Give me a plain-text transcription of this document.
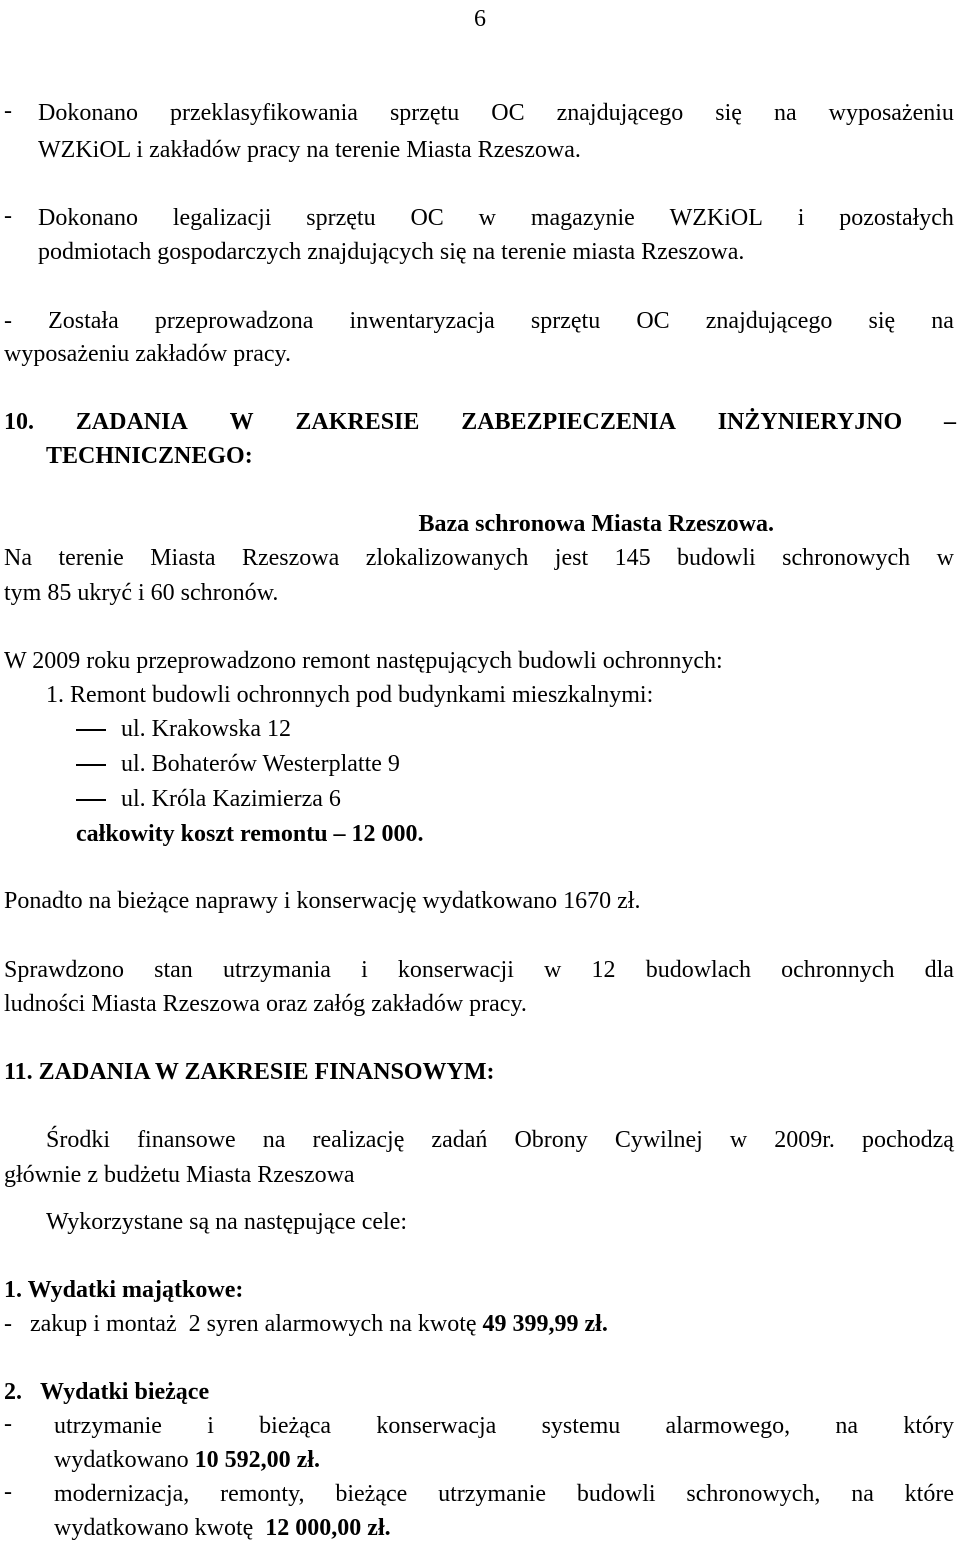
6
- Dokonano przeklasyfikowania sprzętu OC znajdującego się na wyposażeniu
WZKiOL i zakładów pracy na terenie Miasta Rzeszowa.
- Dokonano legalizacji sprzętu OC w magazynie WZKiOL i pozostałych
podmiotach gospodarczych znajdujących się na terenie miasta Rzeszowa.
- Została przeprowadzona inwentaryzacja sprzętu OC znajdującego się na
wyposażeniu zakładów pracy.
10. ZADANIA W ZAKRESIE ZABEZPIECZENIA INŻYNIERYJNO –
TECHNICZNEGO:
Baza schronowa Miasta Rzeszowa.
Na terenie Miasta Rzeszowa zlokalizowanych jest 145 budowli schronowych w
tym 85 ukryć i 60 schronów.
W 2009 roku przeprowadzono remont następujących budowli ochronnych:
1. Remont budowli ochronnych pod budynkami mieszkalnymi:
ul. Krakowska 12
ul. Bohaterów Westerplatte 9
ul. Króla Kazimierza 6
całkowity koszt remontu – 12 000.
Ponadto na bieżące naprawy i konserwację wydatkowano 1670 zł.
Sprawdzono stan utrzymania i konserwacji w 12 budowlach ochronnych dla
ludności Miasta Rzeszowa oraz załóg zakładów pracy.
11. ZADANIA W ZAKRESIE FINANSOWYM:
Środki finansowe na realizację zadań Obrony Cywilnej w 2009r. pochodzą
głównie z budżetu Miasta Rzeszowa
Wykorzystane są na następujące cele:
1. Wydatki majątkowe:
-   zakup i montaż  2 syren alarmowych na kwotę 49 399,99 zł.
2. Wydatki bieżące
- utrzymanie i bieżąca konserwacja systemu alarmowego, na który
wydatkowano 10 592,00 zł.
- modernizacja, remonty, bieżące utrzymanie budowli schronowych, na które
wydatkowano kwotę  12 000,00 zł.
